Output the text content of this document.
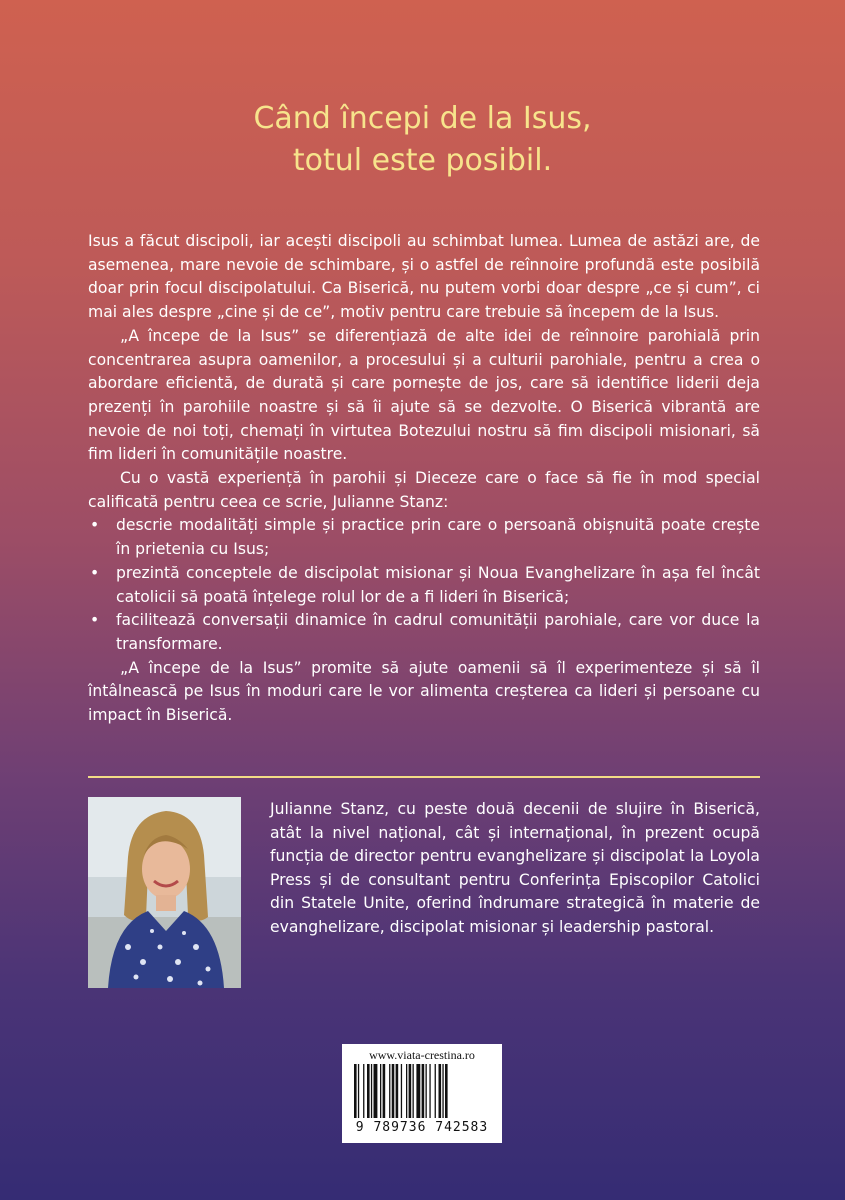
Când începi de la Isus,
totul este posibil.

Isus a făcut discipoli, iar acești discipoli au schimbat lumea. Lumea de astăzi are, de asemenea, mare nevoie de schimbare, și o astfel de reînnoire profundă este posibilă doar prin focul discipolatului. Ca Biserică, nu putem vorbi doar despre „ce și cum”, ci mai ales despre „cine și de ce”, motiv pentru care trebuie să începem de la Isus.

„A începe de la Isus” se diferențiază de alte idei de reînnoire parohială prin concentrarea asupra oamenilor, a procesului și a culturii parohiale, pentru a crea o abordare eficientă, de durată și care pornește de jos, care să identifice liderii deja prezenți în parohiile noastre și să îi ajute să se dezvolte. O Biserică vibrantă are nevoie de noi toți, chemați în virtutea Botezului nostru să fim discipoli misionari, să fim lideri în comunitățile noastre.

Cu o vastă experiență în parohii și Dieceze care o face să fie în mod special calificată pentru ceea ce scrie, Julianne Stanz:

• descrie modalități simple și practice prin care o persoană obișnuită poate crește în prietenia cu Isus;
• prezintă conceptele de discipolat misionar și Noua Evanghelizare în așa fel încât catolicii să poată înțelege rolul lor de a fi lideri în Biserică;
• facilitează conversații dinamice în cadrul comunității parohiale, care vor duce la transformare.

„A începe de la Isus” promite să ajute oamenii să îl experimenteze și să îl întâlnească pe Isus în moduri care le vor alimenta creșterea ca lideri și persoane cu impact în Biserică.

Julianne Stanz, cu peste două decenii de slujire în Biserică, atât la nivel național, cât și internațional, în prezent ocupă funcția de director pentru evanghelizare și discipolat la Loyola Press și de consultant pentru Conferința Episcopilor Catolici din Statele Unite, oferind îndrumare strategică în materie de evanghelizare, discipolat misionar și leadership pastoral.
www.viata-crestina.ro
9 789736 742583
